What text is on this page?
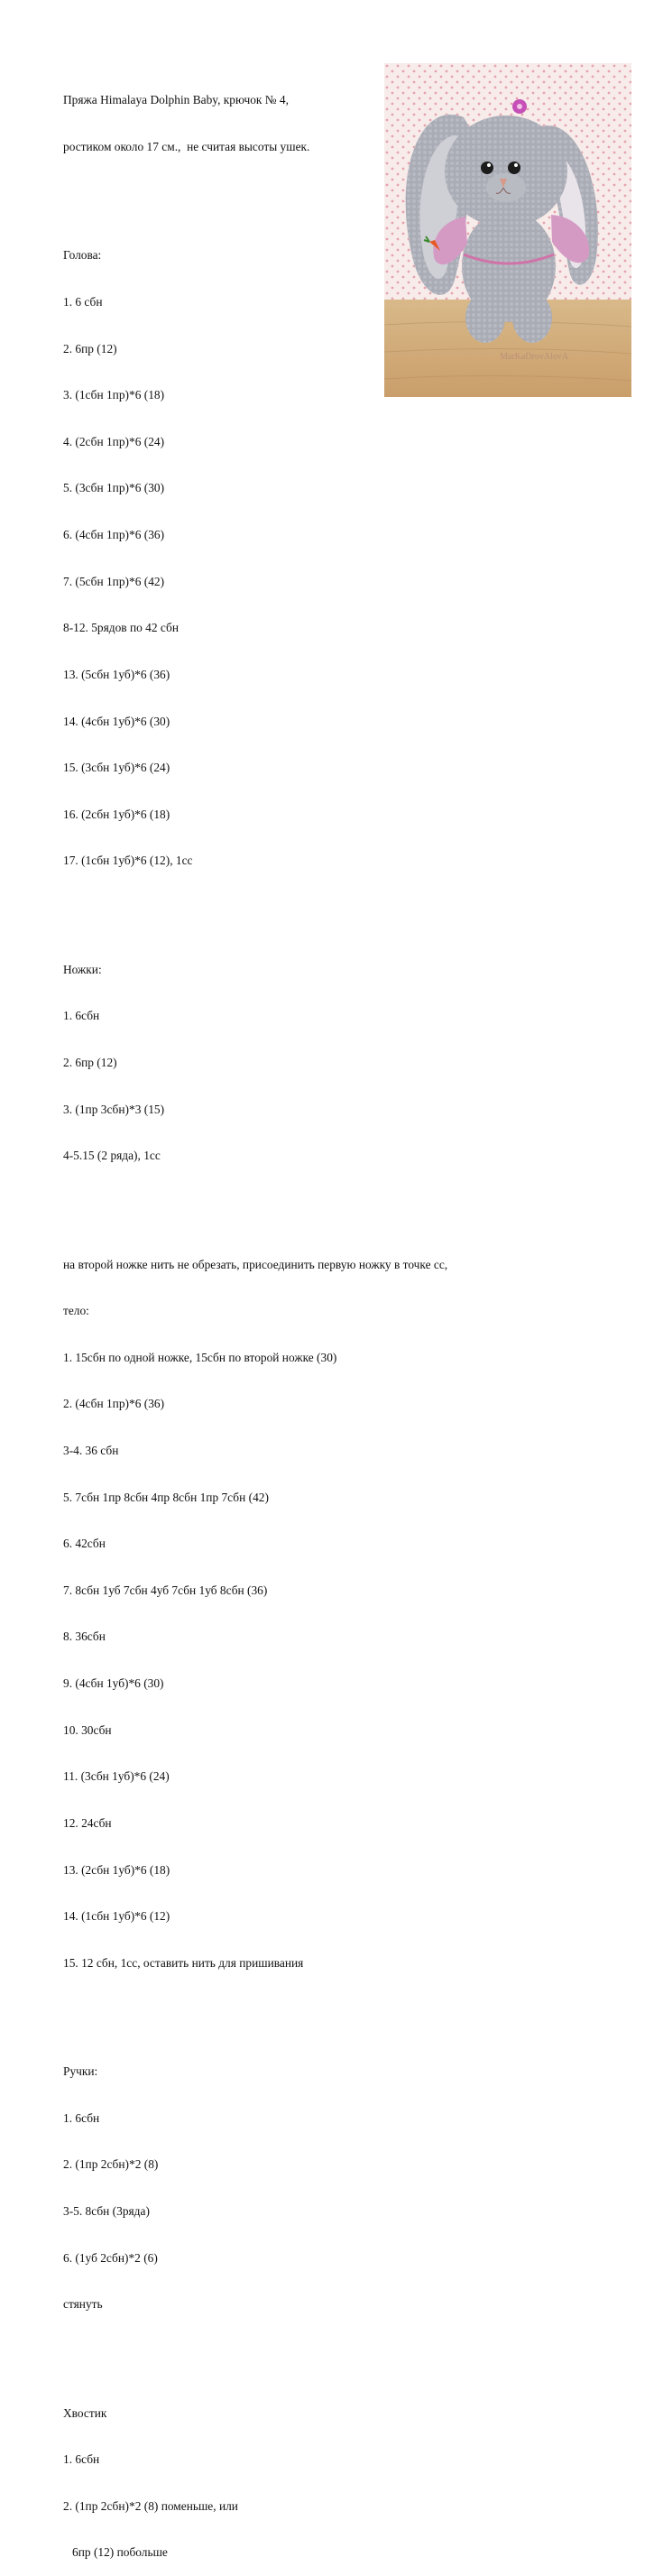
Пряжа Himalaya Dolphin Baby, крючок № 4,

ростиком около 17 см.,  не считая высоты ушек.

Голова:

1. 6 сбн

2. 6пр (12)

3. (1сбн 1пр)*6 (18)

4. (2сбн 1пр)*6 (24)

5. (3сбн 1пр)*6 (30)

6. (4сбн 1пр)*6 (36)

7. (5сбн 1пр)*6 (42)

8-12. 5рядов по 42 сбн

13. (5сбн 1уб)*6 (36)

14. (4сбн 1уб)*6 (30)

15. (3сбн 1уб)*6 (24)

16. (2сбн 1уб)*6 (18)

17. (1сбн 1уб)*6 (12), 1сс

Ножки:

1. 6сбн

2. 6пр (12)

3. (1пр 3сбн)*3 (15)

4-5.15 (2 ряда), 1сс

на второй ножке нить не обрезать, присоединить первую ножку в точке сс,

тело:

1. 15сбн по одной ножке, 15сбн по второй ножке (30)

2. (4сбн 1пр)*6 (36)

3-4. 36 сбн

5. 7сбн 1пр 8сбн 4пр 8сбн 1пр 7сбн (42)

6. 42сбн

7. 8сбн 1уб 7сбн 4уб 7сбн 1уб 8сбн (36)

8. 36сбн

9. (4сбн 1уб)*6 (30)

10. 30сбн

11. (3сбн 1уб)*6 (24)

12. 24сбн

13. (2сбн 1уб)*6 (18)

14. (1сбн 1уб)*6 (12)

15. 12 сбн, 1сс, оставить нить для пришивания

Ручки:

1. 6сбн

2. (1пр 2сбн)*2 (8)

3-5. 8сбн (3ряда)

6. (1уб 2сбн)*2 (6)

стянуть

Хвостик

1. 6сбн

2. (1пр 2сбн)*2 (8) поменьше, или

6пр (12) побольше

MarKaDrovAlovA
